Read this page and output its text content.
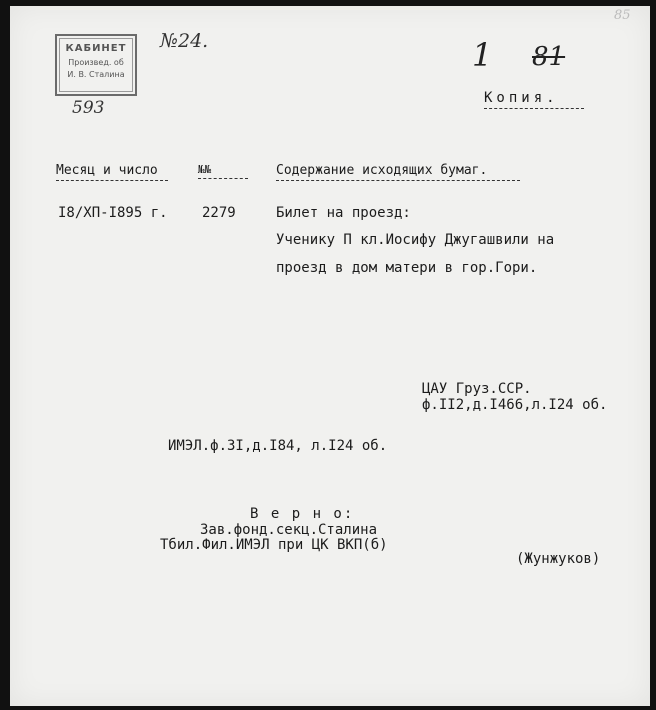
КАБИНЕТ
Произвед. об
И. В. Сталина
№24.
593
1 81
85
Копия.
Месяц и число	№№	Содержание исходящих бумаг.
I8/XП-I895 г. 2279	Билет на проезд:
Ученику П кл.Иосифу Джугашвили на
проезд в дом матери в гор.Гори.
ЦАУ Груз.ССР.
ф.II2,д.I466,л.I24 об.
ИМЭЛ.ф.3I,д.I84, л.I24 об.
В е р н о:
Зав.фонд.секц.Сталина
Тбил.Фил.ИМЭЛ при ЦК ВКП(б)
(Жунжуков)
